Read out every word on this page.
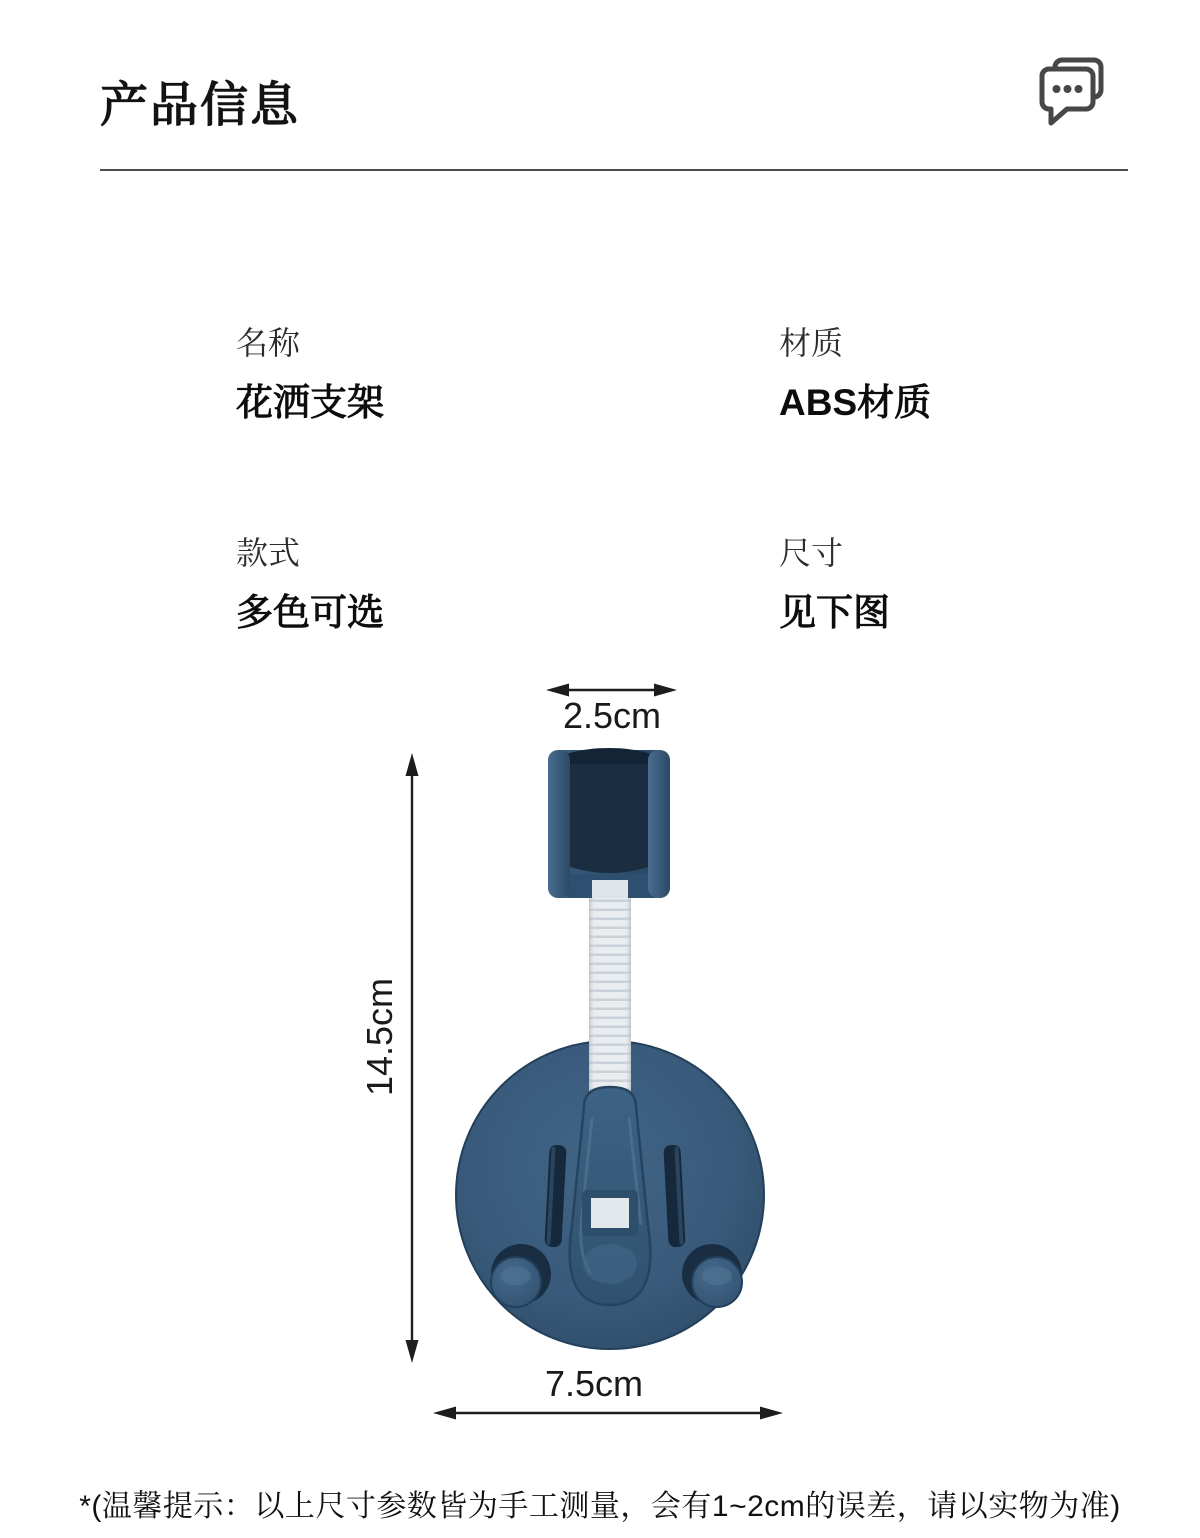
产品信息
名称
花洒支架
材质
ABS材质
款式
多色可选
尺寸
见下图
2.5cm
14.5cm
7.5cm
*(温馨提示：以上尺寸参数皆为手工测量，会有1~2cm的误差，请以实物为准)
